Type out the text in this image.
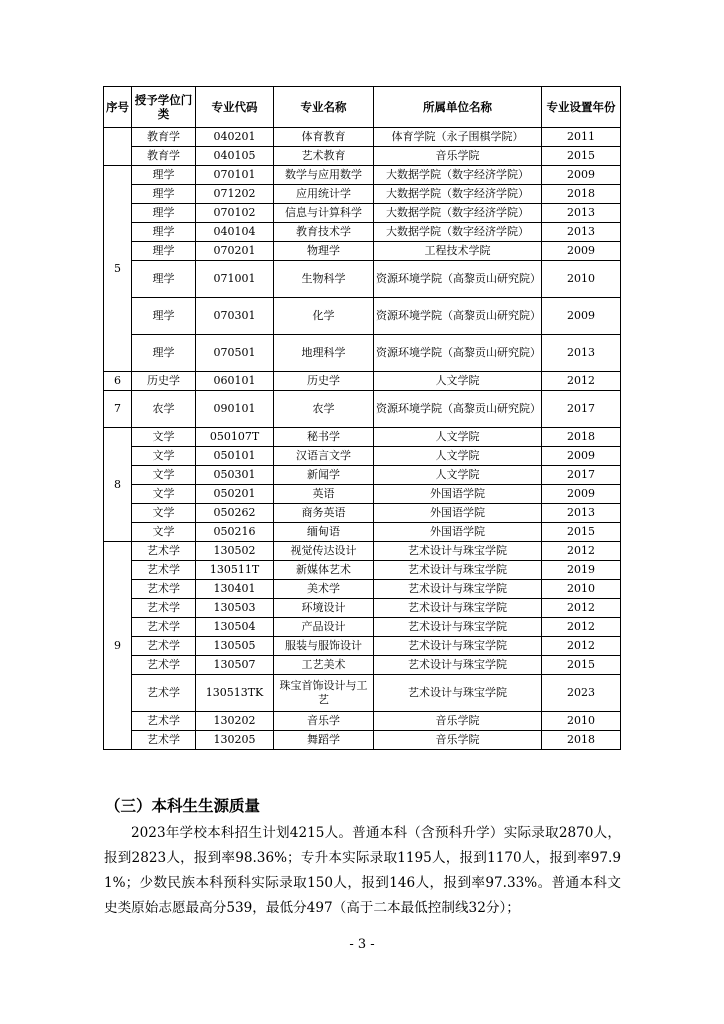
序号	授予学位门类	专业代码	专业名称	所属单位名称	专业设置年份
	教育学	040201	体育教育	体育学院（永子围棋学院）	2011
	教育学	040105	艺术教育	音乐学院	2015
5	理学	070101	数学与应用数学	大数据学院（数字经济学院）	2009
	理学	071202	应用统计学	大数据学院（数字经济学院）	2018
	理学	070102	信息与计算科学	大数据学院（数字经济学院）	2013
	理学	040104	教育技术学	大数据学院（数字经济学院）	2013
	理学	070201	物理学	工程技术学院	2009
	理学	071001	生物科学	资源环境学院（高黎贡山研究院）	2010
	理学	070301	化学	资源环境学院（高黎贡山研究院）	2009
	理学	070501	地理科学	资源环境学院（高黎贡山研究院）	2013
6	历史学	060101	历史学	人文学院	2012
7	农学	090101	农学	资源环境学院（高黎贡山研究院）	2017
8	文学	050107T	秘书学	人文学院	2018
	文学	050101	汉语言文学	人文学院	2009
	文学	050301	新闻学	人文学院	2017
	文学	050201	英语	外国语学院	2009
	文学	050262	商务英语	外国语学院	2013
	文学	050216	缅甸语	外国语学院	2015
9	艺术学	130502	视觉传达设计	艺术设计与珠宝学院	2012
	艺术学	130511T	新媒体艺术	艺术设计与珠宝学院	2019
	艺术学	130401	美术学	艺术设计与珠宝学院	2010
	艺术学	130503	环境设计	艺术设计与珠宝学院	2012
	艺术学	130504	产品设计	艺术设计与珠宝学院	2012
	艺术学	130505	服装与服饰设计	艺术设计与珠宝学院	2012
	艺术学	130507	工艺美术	艺术设计与珠宝学院	2015
	艺术学	130513TK	珠宝首饰设计与工艺	艺术设计与珠宝学院	2023
	艺术学	130202	音乐学	音乐学院	2010
	艺术学	130205	舞蹈学	音乐学院	2018
（三）本科生生源质量

2023年学校本科招生计划4215人。普通本科（含预科升学）实际录取2870人，报到2823人，报到率98.36%；专升本实际录取1195人，报到1170人，报到率97.91%；少数民族本科预科实际录取150人，报到146人，报到率97.33%。普通本科文史类原始志愿最高分539，最低分497（高于二本最低控制线32分）；

- 3 -
